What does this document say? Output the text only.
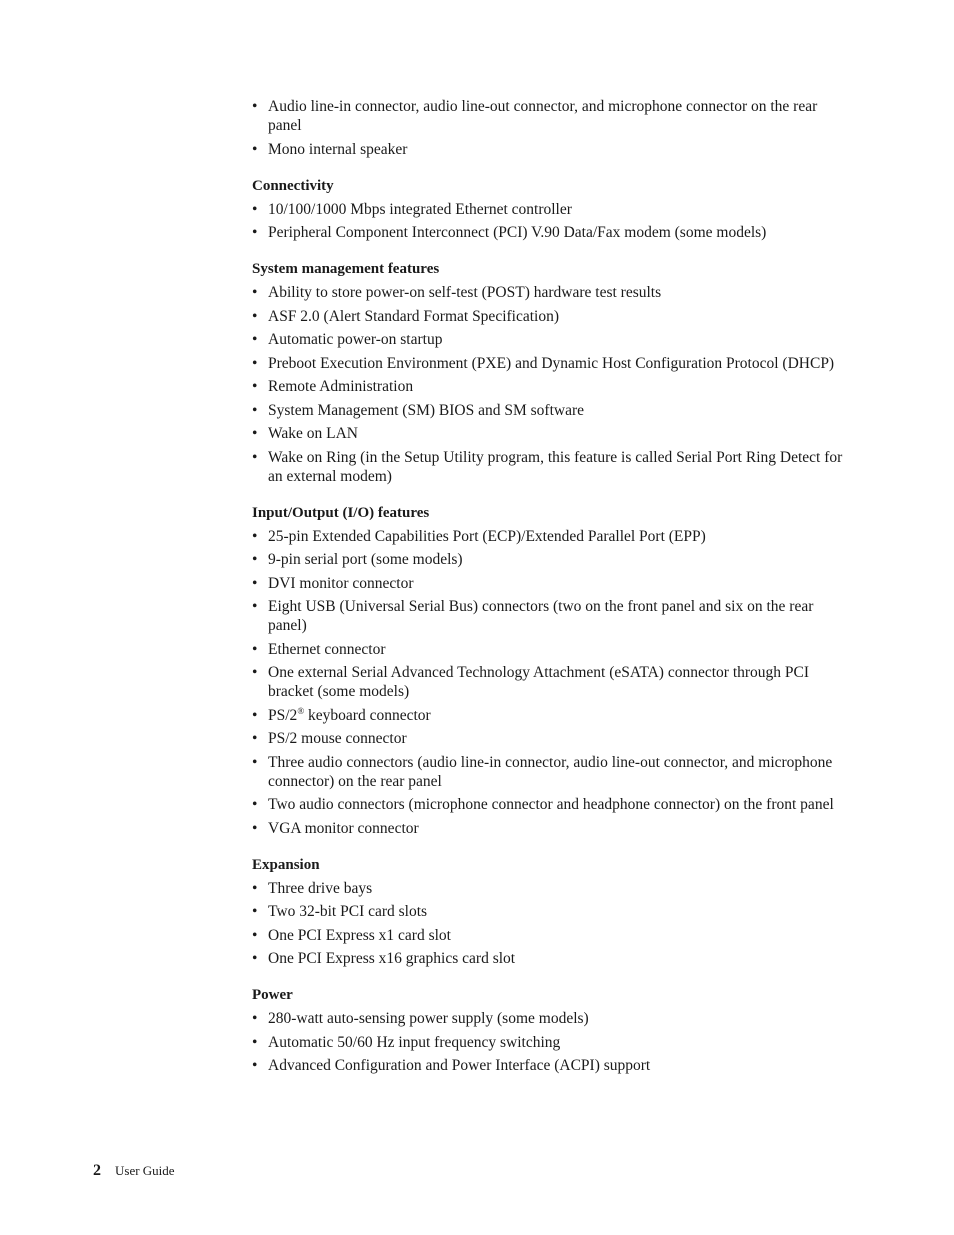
• Audio line-in connector, audio line-out connector, and microphone connector on the rear panel
• Mono internal speaker
Connectivity
• 10/100/1000 Mbps integrated Ethernet controller
• Peripheral Component Interconnect (PCI) V.90 Data/Fax modem (some models)
System management features
• Ability to store power-on self-test (POST) hardware test results
• ASF 2.0 (Alert Standard Format Specification)
• Automatic power-on startup
• Preboot Execution Environment (PXE) and Dynamic Host Configuration Protocol (DHCP)
• Remote Administration
• System Management (SM) BIOS and SM software
• Wake on LAN
• Wake on Ring (in the Setup Utility program, this feature is called Serial Port Ring Detect for an external modem)
Input/Output (I/O) features
• 25-pin Extended Capabilities Port (ECP)/Extended Parallel Port (EPP)
• 9-pin serial port (some models)
• DVI monitor connector
• Eight USB (Universal Serial Bus) connectors (two on the front panel and six on the rear panel)
• Ethernet connector
• One external Serial Advanced Technology Attachment (eSATA) connector through PCI bracket (some models)
• PS/2® keyboard connector
• PS/2 mouse connector
• Three audio connectors (audio line-in connector, audio line-out connector, and microphone connector) on the rear panel
• Two audio connectors (microphone connector and headphone connector) on the front panel
• VGA monitor connector
Expansion
• Three drive bays
• Two 32-bit PCI card slots
• One PCI Express x1 card slot
• One PCI Express x16 graphics card slot
Power
• 280-watt auto-sensing power supply (some models)
• Automatic 50/60 Hz input frequency switching
• Advanced Configuration and Power Interface (ACPI) support
2 User Guide
